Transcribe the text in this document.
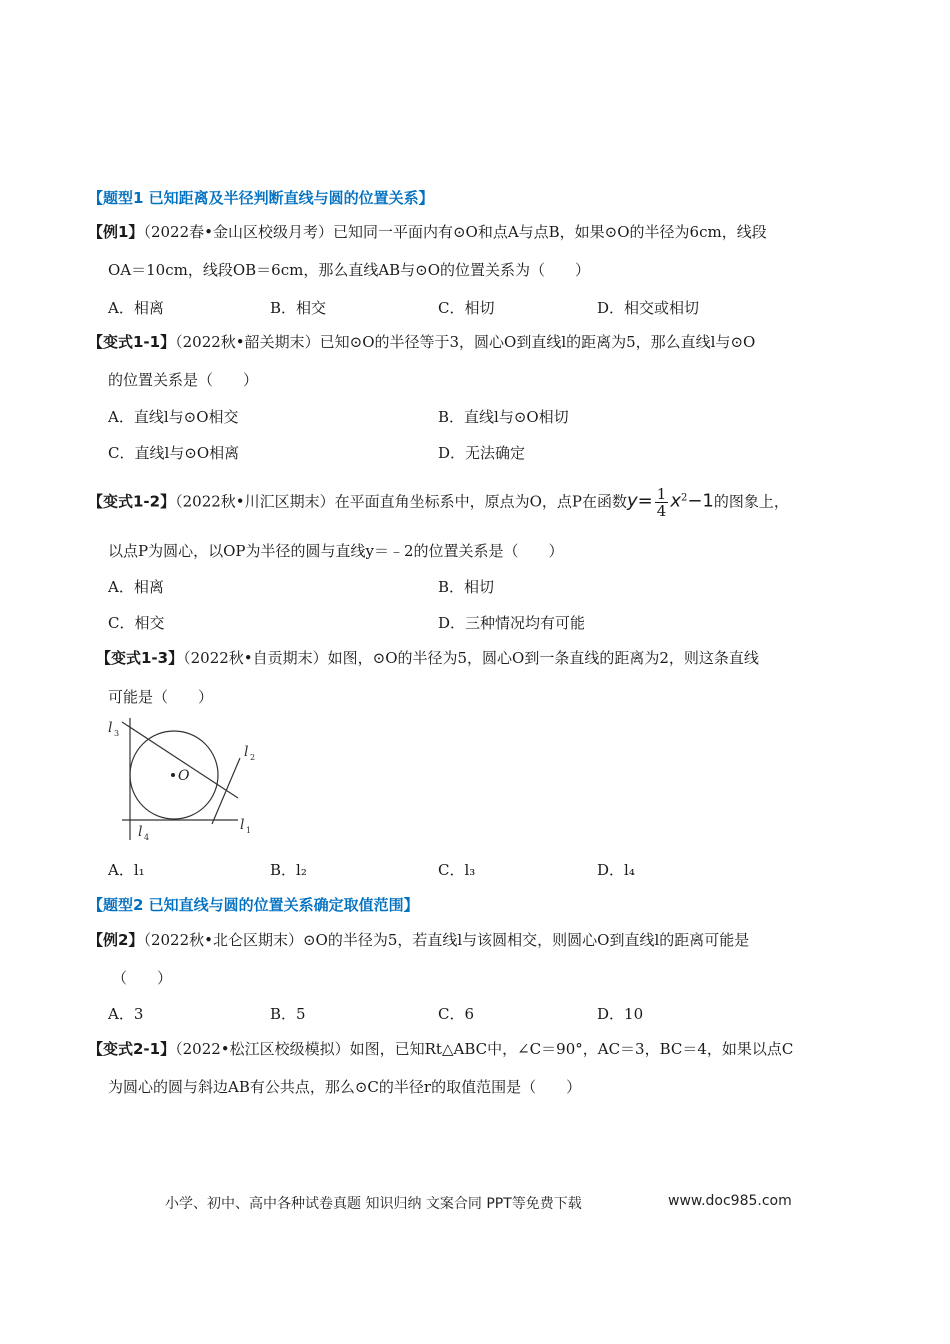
【题型1 已知距离及半径判断直线与圆的位置关系】
【例1】（2022春•金山区校级月考）已知同一平面内有⊙O和点A与点B，如果⊙O的半径为6cm，线段
OA＝10cm，线段OB＝6cm，那么直线AB与⊙O的位置关系为（　　）
A．相离	B．相交	C．相切	D．相交或相切
【变式1-1】（2022秋•韶关期末）已知⊙O的半径等于3，圆心O到直线l的距离为5，那么直线l与⊙O
的位置关系是（　　）
A．直线l与⊙O相交	B．直线l与⊙O相切
C．直线l与⊙O相离	D．无法确定
【变式1-2】（2022秋•川汇区期末）在平面直角坐标系中，原点为O，点P在函数$y= \frac{1}{4} x^2-1$的图象上，
以点P为圆心，以OP为半径的圆与直线y＝﹣2的位置关系是（　　）
A．相离	B．相切
C．相交	D．三种情况均有可能
【变式1-3】（2022秋•自贡期末）如图，⊙O的半径为5，圆心O到一条直线的距离为2，则这条直线
可能是（　　）
O
l 3
l 2
l 1
l 4
A．l₁	B．l₂	C．l₃	D．l₄
【题型2 已知直线与圆的位置关系确定取值范围】
【例2】（2022秋•北仑区期末）⊙O的半径为5，若直线l与该圆相交，则圆心O到直线l的距离可能是
（　　）
A．3	B．5	C．6	D．10
【变式2-1】（2022•松江区校级模拟）如图，已知Rt△ABC中，∠C＝90°，AC＝3，BC＝4，如果以点C
为圆心的圆与斜边AB有公共点，那么⊙C的半径r的取值范围是（　　）
小学、初中、高中各种试卷真题 知识归纳 文案合同 PPT等免费下载	www.doc985.com
